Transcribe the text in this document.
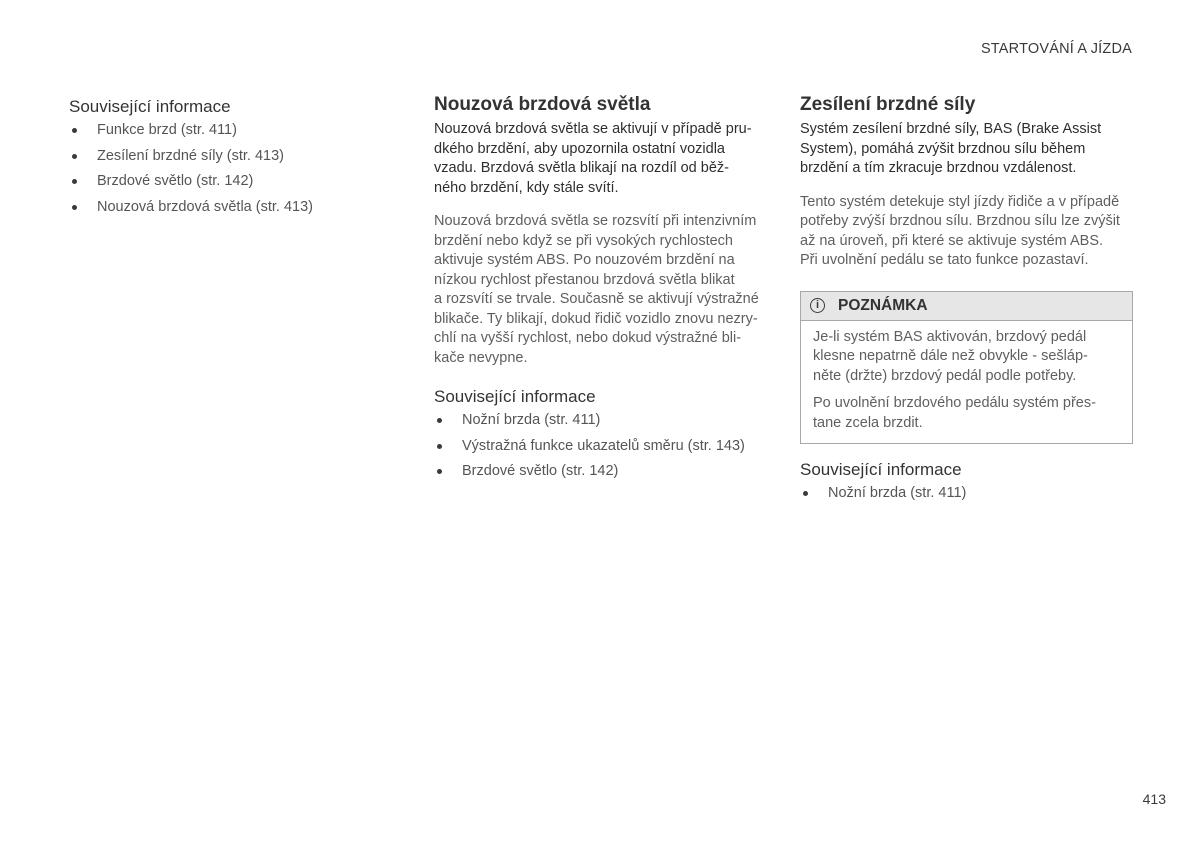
STARTOVÁNÍ A JÍZDA
Související informace
Funkce brzd (str. 411)
Zesílení brzdné síly (str. 413)
Brzdové světlo (str. 142)
Nouzová brzdová světla (str. 413)
Nouzová brzdová světla

Nouzová brzdová světla se aktivují v případě pru-
dkého brzdění, aby upozornila ostatní vozidla
vzadu. Brzdová světla blikají na rozdíl od běž-
ného brzdění, kdy stále svítí.

Nouzová brzdová světla se rozsvítí při intenzivním
brzdění nebo když se při vysokých rychlostech
aktivuje systém ABS. Po nouzovém brzdění na
nízkou rychlost přestanou brzdová světla blikat
a rozsvítí se trvale. Současně se aktivují výstražné
blikače. Ty blikají, dokud řidič vozidlo znovu nezry-
chlí na vyšší rychlost, nebo dokud výstražné bli-
kače nevypne.

Související informace
Nožní brzda (str. 411)
Výstražná funkce ukazatelů směru (str. 143)
Brzdové světlo (str. 142)
Zesílení brzdné síly

Systém zesílení brzdné síly, BAS (Brake Assist
System), pomáhá zvýšit brzdnou sílu během
brzdění a tím zkracuje brzdnou vzdálenost.

Tento systém detekuje styl jízdy řidiče a v případě
potřeby zvýší brzdnou sílu. Brzdnou sílu lze zvýšit
až na úroveň, při které se aktivuje systém ABS.
Při uvolnění pedálu se tato funkce pozastaví.

i	POZNÁMKA

Je-li systém BAS aktivován, brzdový pedál
klesne nepatrně dále než obvykle - sešláp-
něte (držte) brzdový pedál podle potřeby.

Po uvolnění brzdového pedálu systém přes-
tane zcela brzdit.

Související informace
Nožní brzda (str. 411)
413
